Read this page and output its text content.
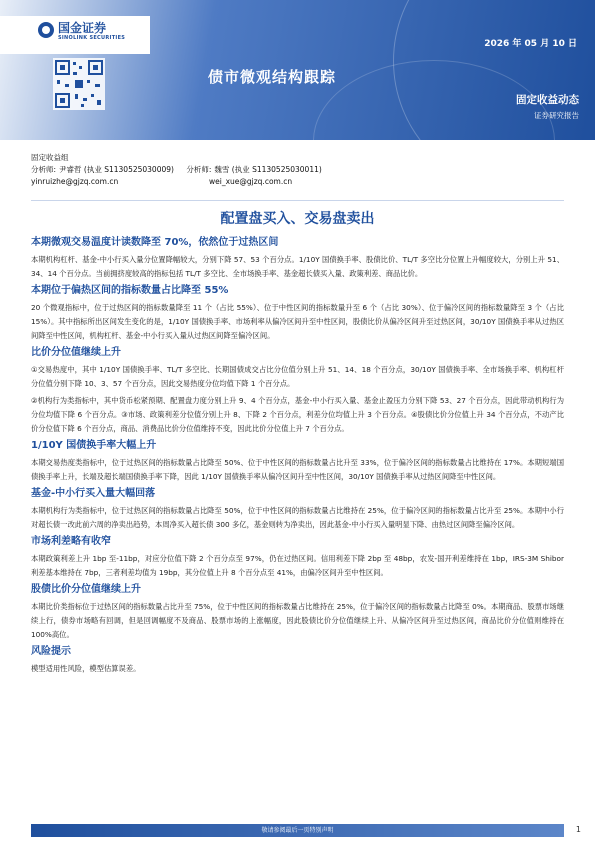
国金证券
SINOLINK SECURITIES
2026 年 05 月 10 日
债市微观结构跟踪
固定收益动态
证券研究报告
固定收益组
分析师: 尹睿哲 (执业 S1130525030009) 分析师: 魏雪 (执业 S1130525030011)
yinruizhe@gjzq.com.cn	wei_xue@gjzq.com.cn
配置盘买入、交易盘卖出
本期微观交易温度计读数降至 70%，依然位于过热区间

本期机构杠杆、基金-中小行买入量分位置降幅较大，分别下降 57、53 个百分点。1/10Y 国债换手率、股债比价、TL/T 多空比分位置上升幅度较大，分别上升 51、34、14 个百分点。当前拥挤度较高的指标包括 TL/T 多空比、全市场换手率、基金超长债买入量、政策利差、商品比价。

本期位于偏热区间的指标数量占比降至 55%

20 个微观指标中，位于过热区间的指标数量降至 11 个（占比 55%）、位于中性区间的指标数量升至 6 个（占比 30%）、位于偏冷区间的指标数量降至 3 个（占比 15%）。其中指标所出区间发生变化的是，1/10Y 国债换手率、市场利率从偏冷区间升至中性区间，股债比价从偏冷区间升至过热区间，30/10Y 国债换手率从过热区间降至中性区间，机构杠杆、基金-中小行买入量从过热区间降至偏冷区间。

比价分位值继续上升

①交易热度中，其中 1/10Y 国债换手率、TL/T 多空比、长期国债成交占比分位值分别上升 51、14、18 个百分点，30/10Y 国债换手率、全市场换手率、机构杠杆分位值分别下降 10、3、57 个百分点，因此交易热度分位均值下降 1 个百分点。

②机构行为类指标中，其中货币松紧预期、配置盘力度分别上升 9、4 个百分点，基金-中小行买入量、基金止盈压力分别下降 53、27 个百分点，因此带动机构行为分位均值下降 6 个百分点。③市场、政策利差分位值分别上升 8、下降 2 个百分点，利差分位均值上升 3 个百分点。④股债比价分位值上升 34 个百分点，不动产比价分位值下降 6 个百分点，商品、消费品比价分位值维持不变，因此比价分位值上升 7 个百分点。

1/10Y 国债换手率大幅上升

本期交易热度类指标中，位于过热区间的指标数量占比降至 50%、位于中性区间的指标数量占比升至 33%，位于偏冷区间的指标数量占比维持在 17%。本期短端国债换手率上升，长端及超长端国债换手率下降，因此 1/10Y 国债换手率从偏冷区间升至中性区间，30/10Y 国债换手率从过热区间降至中性区间。

基金-中小行买入量大幅回落

本期机构行为类指标中，位于过热区间的指标数量占比降至 50%，位于中性区间的指标数量占比维持在 25%，位于偏冷区间的指标数量占比升至 25%。本期中小行对超长债一改此前六周的净卖出趋势，本周净买入超长债 300 多亿，基金则转为净卖出，因此基金-中小行买入量明显下降、由热过区间降至偏冷区间。

市场利差略有收窄

本期政策利差上升 1bp 至-11bp，对应分位值下降 2 个百分点至 97%，仍在过热区间。信用利差下降 2bp 至 48bp，农发-国开利差维持在 1bp，IRS-3M Shibor 利差基本维持在 7bp，三者利差均值为 19bp，其分位值上升 8 个百分点至 41%，由偏冷区间升至中性区间。

股债比价分位值继续上升

本期比价类指标位于过热区间的指标数量占比升至 75%，位于中性区间的指标数量占比维持在 25%，位于偏冷区间的指标数量占比降至 0%。本期商品、股票市场继续上行，债券市场略有回调，但是回调幅度不及商品、股票市场的上涨幅度，因此股债比价分位值继续上升、从偏冷区间升至过热区间，商品比价分位值则维持在 100%高位。

风险提示

模型适用性风险，模型估算误差。

敬请参阅最后一页特别声明	1
